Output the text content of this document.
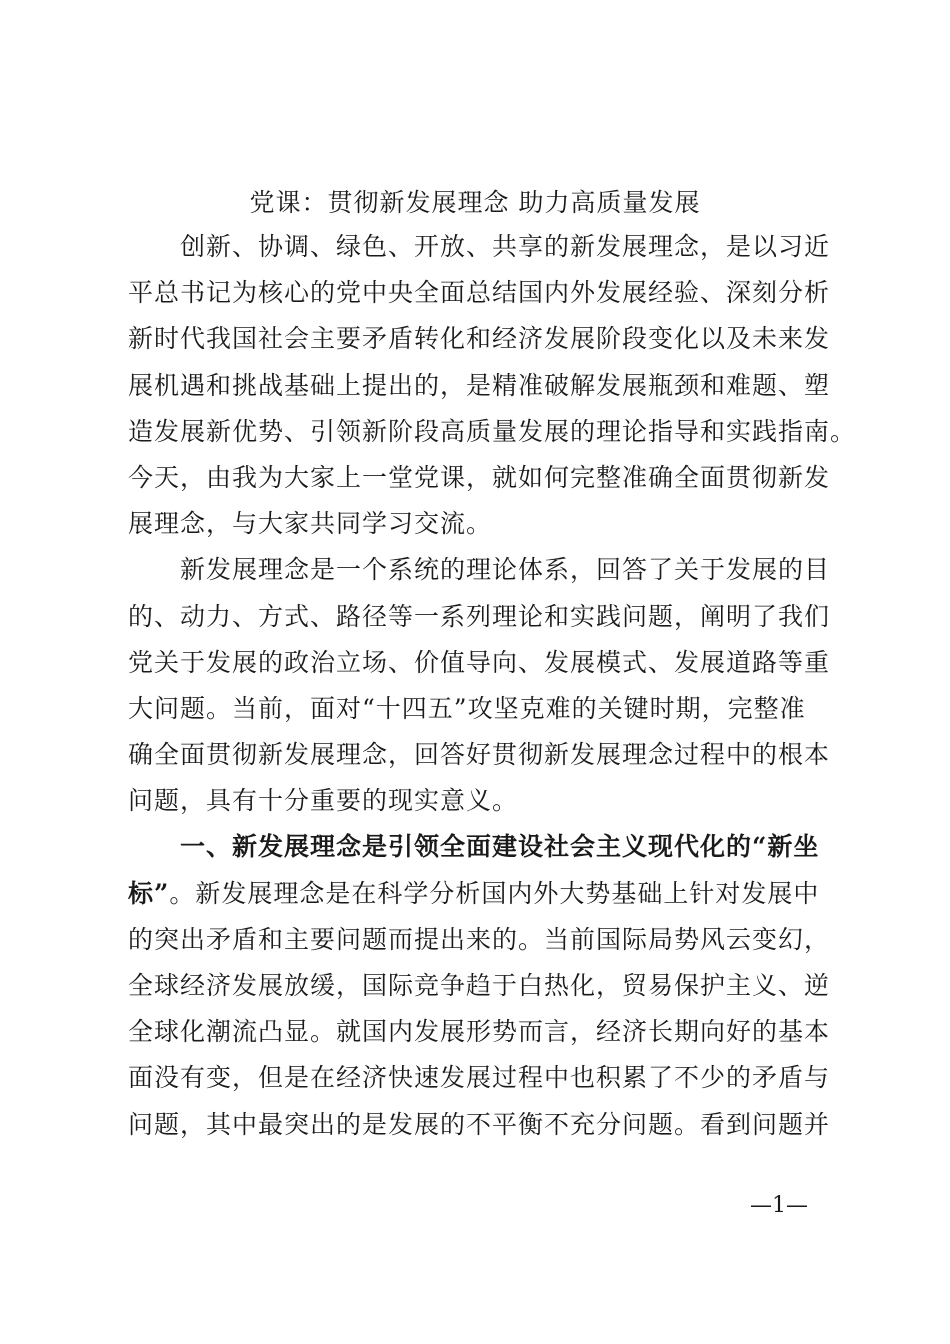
党课：贯彻新发展理念 助力高质量发展
创新、协调、绿色、开放、共享的新发展理念，是以习近
平总书记为核心的党中央全面总结国内外发展经验、深刻分析
新时代我国社会主要矛盾转化和经济发展阶段变化以及未来发
展机遇和挑战基础上提出的，是精准破解发展瓶颈和难题、塑
造发展新优势、引领新阶段高质量发展的理论指导和实践指南。
今天，由我为大家上一堂党课，就如何完整准确全面贯彻新发
展理念，与大家共同学习交流。
新发展理念是一个系统的理论体系，回答了关于发展的目
的、动力、方式、路径等一系列理论和实践问题，阐明了我们
党关于发展的政治立场、价值导向、发展模式、发展道路等重
大问题。当前，面对“十四五”攻坚克难的关键时期，完整准
确全面贯彻新发展理念，回答好贯彻新发展理念过程中的根本
问题，具有十分重要的现实意义。
一、新发展理念是引领全面建设社会主义现代化的“新坐
标”。新发展理念是在科学分析国内外大势基础上针对发展中
的突出矛盾和主要问题而提出来的。当前国际局势风云变幻，
全球经济发展放缓，国际竞争趋于白热化，贸易保护主义、逆
全球化潮流凸显。就国内发展形势而言，经济长期向好的基本
面没有变，但是在经济快速发展过程中也积累了不少的矛盾与
问题，其中最突出的是发展的不平衡不充分问题。看到问题并
—1—
